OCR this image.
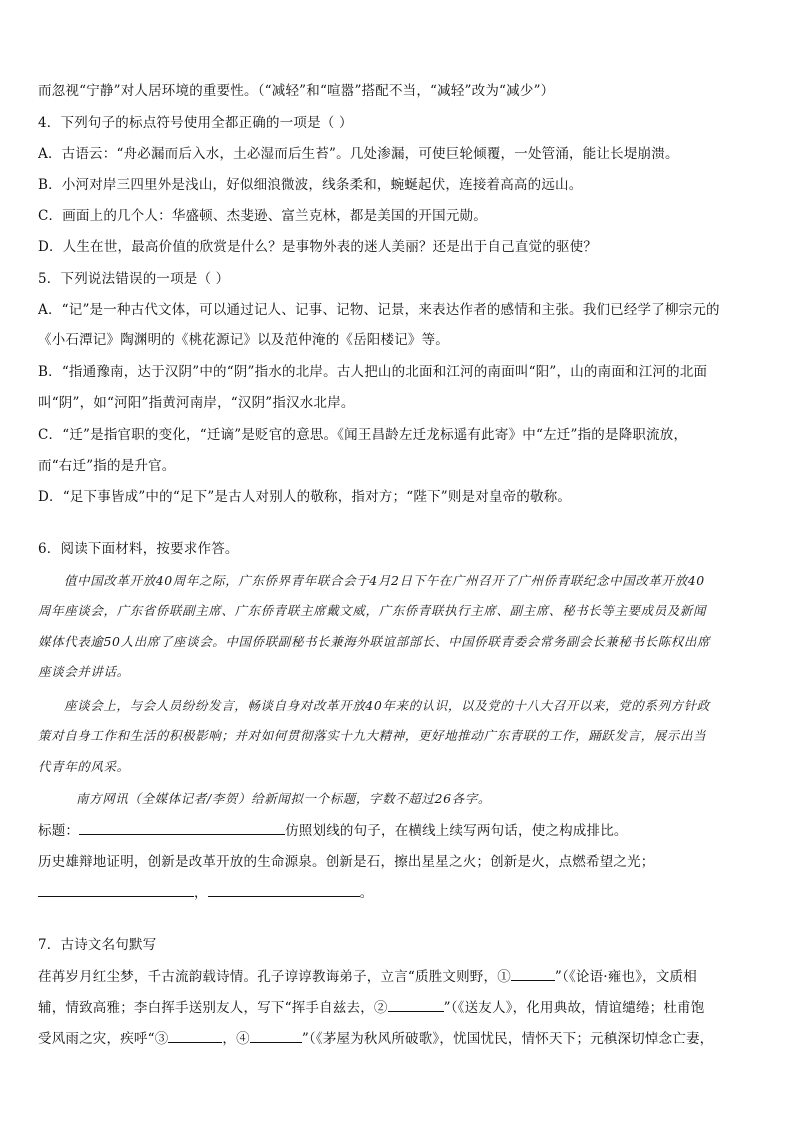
而忽视“宁静”对人居环境的重要性。（“减轻”和“喧嚣”搭配不当，“减轻”改为“减少”）
4．下列句子的标点符号使用全都正确的一项是（ ）
A．古语云：“舟必漏而后入水，土必湿而后生苔”。几处渗漏，可使巨轮倾覆，一处管涌，能让长堤崩溃。
B．小河对岸三四里外是浅山，好似细浪微波，线条柔和，蜿蜒起伏，连接着高高的远山。
C．画面上的几个人：华盛顿、杰斐逊、富兰克林，都是美国的开国元勋。
D．人生在世，最高价值的欣赏是什么？是事物外表的迷人美丽？还是出于自己直觉的驱使？
5．下列说法错误的一项是（ ）
A．“记”是一种古代文体，可以通过记人、记事、记物、记景，来表达作者的感情和主张。我们已经学了柳宗元的
《小石潭记》陶渊明的《桃花源记》以及范仲淹的《岳阳楼记》等。
B．“指通豫南，达于汉阴”中的“阴”指水的北岸。古人把山的北面和江河的南面叫“阳”，山的南面和江河的北面
叫“阴”，如“河阳”指黄河南岸，“汉阴”指汉水北岸。
C．“迁”是指官职的变化，“迁谪”是贬官的意思。《闻王昌龄左迁龙标遥有此寄》中“左迁”指的是降职流放，
而“右迁”指的是升官。
D．“足下事皆成”中的“足下”是古人对别人的敬称，指对方；“陛下”则是对皇帝的敬称。
6．阅读下面材料，按要求作答。
值中国改革开放40周年之际，广东侨界青年联合会于4月2日下午在广州召开了广州侨青联纪念中国改革开放40
周年座谈会，广东省侨联副主席、广东侨青联主席戴文威，广东侨青联执行主席、副主席、秘书长等主要成员及新闻
媒体代表逾50人出席了座谈会。中国侨联副秘书长兼海外联谊部部长、中国侨联青委会常务副会长兼秘书长陈权出席
座谈会并讲话。
座谈会上，与会人员纷纷发言，畅谈自身对改革开放40年来的认识，以及党的十八大召开以来，党的系列方针政
策对自身工作和生活的积极影响；并对如何贯彻落实十九大精神，更好地推动广东青联的工作，踊跃发言，展示出当
代青年的风采。
南方网讯（全媒体记者/李贺）给新闻拟一个标题，字数不超过26各字。
标题：	仿照划线的句子，在横线上续写两句话，使之构成排比。
历史雄辩地证明，创新是改革开放的生命源泉。创新是石，擦出星星之火；创新是火，点燃希望之光；
，	。
7．古诗文名句默写
荏苒岁月红尘梦，千古流韵载诗情。孔子谆谆教诲弟子，立言“质胜文则野，①	”（《论语·雍也》，文质相
辅，情致高雅；李白挥手送别友人，写下“挥手自兹去，②	”（《送友人》，化用典故，情谊缱绻；杜甫饱
受风雨之灾，疾呼“③	，④	”（《茅屋为秋风所破歌》，忧国忧民，情怀天下；元稹深切悼念亡妻，
